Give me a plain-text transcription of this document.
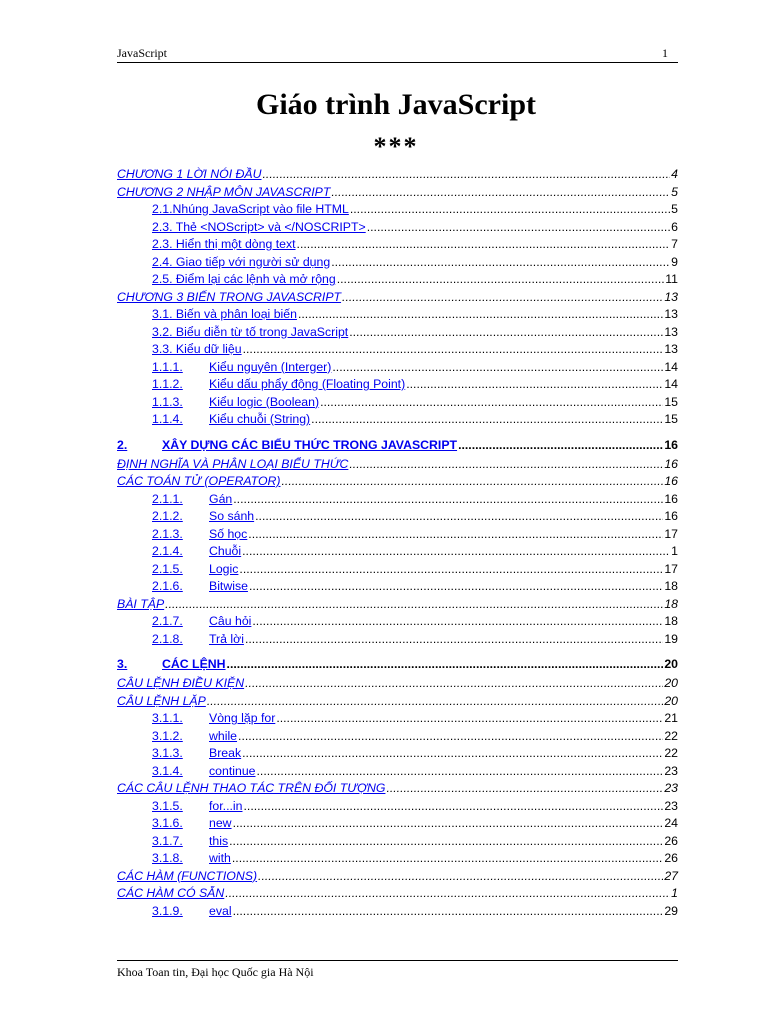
JavaScript	1
Giáo trình JavaScript
***
CHƯƠNG 1 LỜI NÓI ĐẦU .....	4
CHƯƠNG 2 NHẬP MÔN JAVASCRIPT .....	5
2.1.Nhúng JavaScript vào file HTML .....	5
2.3. Thẻ <NOScript> và </NOSCRIPT> .....	6
2.3. Hiển thị một dòng text .....	7
2.4. Giao tiếp với người sử dụng .....	9
2.5. Điểm lại các lệnh và mở rộng .....	11
CHƯƠNG 3 BIẾN TRONG JAVASCRIPT .....	13
3.1. Biến và phân loại biến .....	13
3.2. Biểu diễn từ tố trong JavaScript .....	13
3.3. Kiểu dữ liệu .....	13
1.1.1.	Kiểu nguyên (Interger) .....	14
1.1.2.	Kiểu dấu phẩy động (Floating Point) .....	14
1.1.3.	Kiểu logic (Boolean) .....	15
1.1.4.	Kiểu chuỗi (String) .....	15
2.	XÂY DỰNG CÁC BIỂU THỨC TRONG JAVASCRIPT .....	16
ĐỊNH NGHĨA VÀ PHÂN LOẠI BIỂU THỨC .....	16
CÁC TOÁN TỬ (OPERATOR) .....	16
2.1.1.	Gán .....	16
2.1.2.	So sánh .....	16
2.1.3.	Số học .....	17
2.1.4.	Chuỗi .....	1
2.1.5.	Logic .....	17
2.1.6.	Bitwise .....	18
BÀI TẬP .....	18
2.1.7.	Câu hỏi .....	18
2.1.8.	Trả lời .....	19
3.	CÁC LỆNH .....	20
CÂU LỆNH ĐIỀU KIỆN .....	20
CÂU LỆNH LẶP .....	20
3.1.1.	Vòng lặp for .....	21
3.1.2.	while .....	22
3.1.3.	Break .....	22
3.1.4.	continue .....	23
CÁC CÂU LỆNH THAO TÁC TRÊN ĐỐI TƯỢNG .....	23
3.1.5.	for...in .....	23
3.1.6.	new .....	24
3.1.7.	this .....	26
3.1.8.	with .....	26
CÁC HÀM (FUNCTIONS) .....	27
CÁC HÀM CÓ SẴN .....	1
3.1.9.	eval .....	29
Khoa Toan tin, Đại học Quốc gia Hà Nội
